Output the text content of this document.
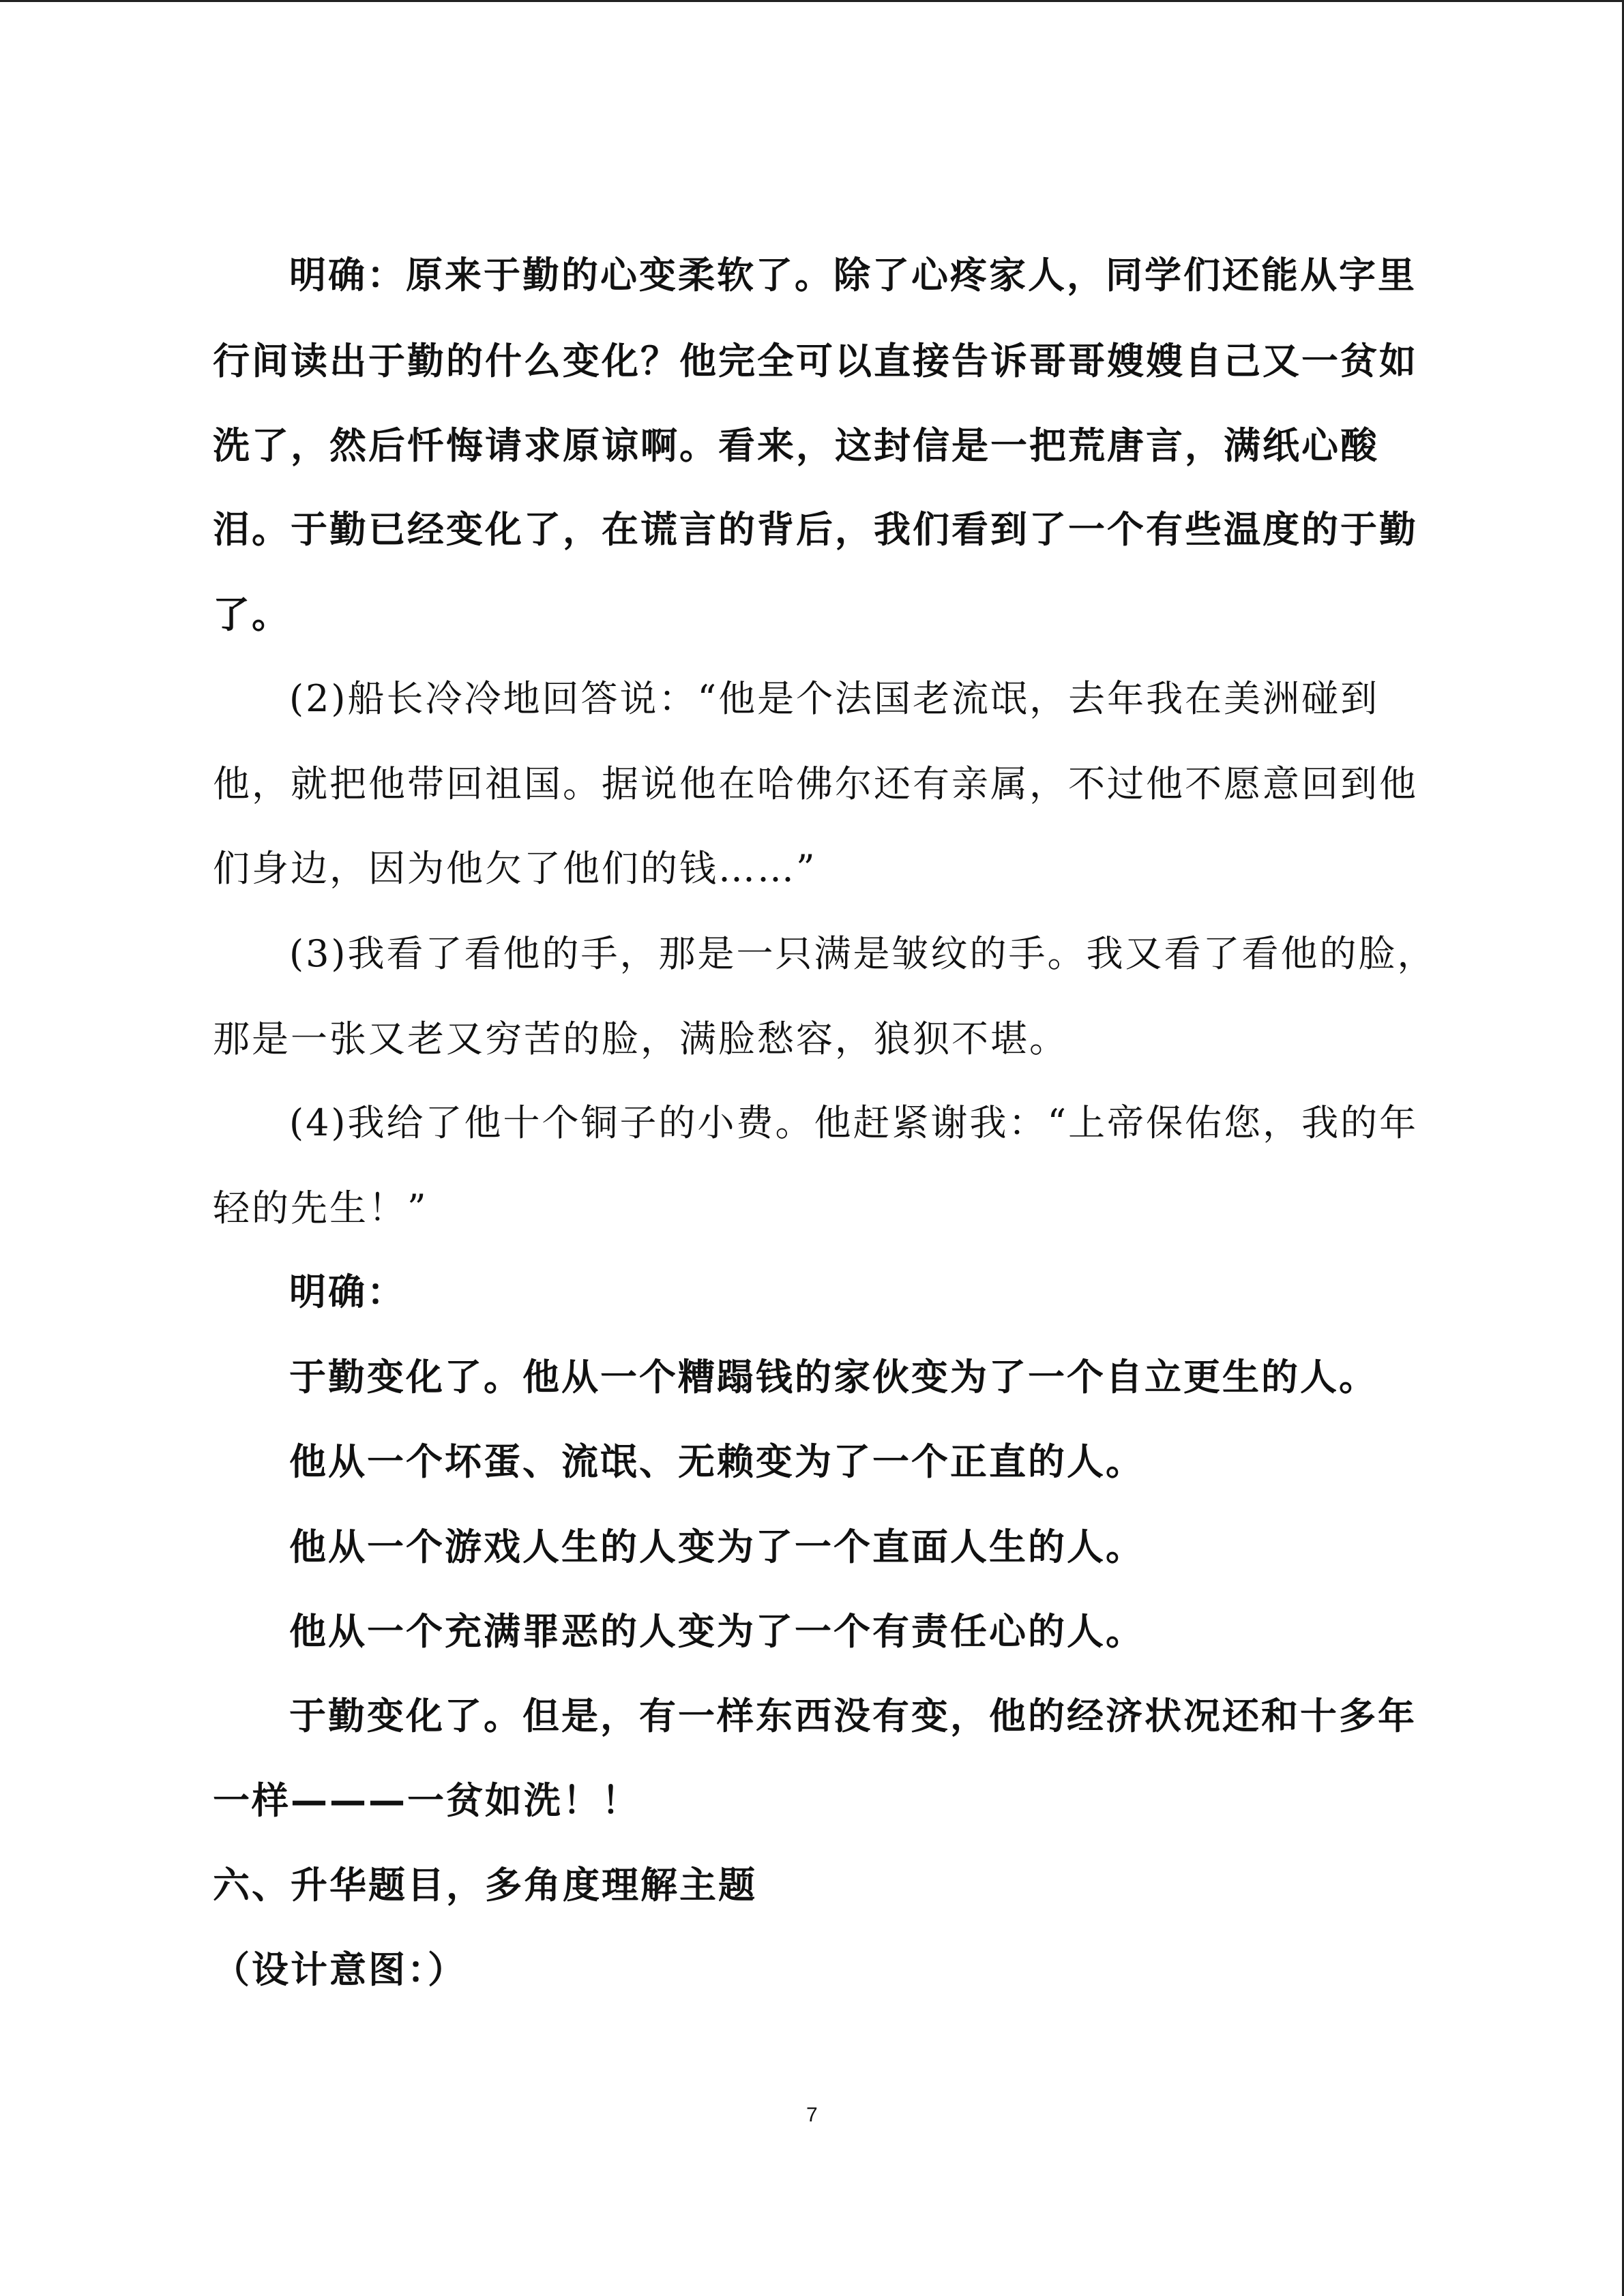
明确：原来于勤的心变柔软了。除了心疼家人，同学们还能从字里
行间读出于勤的什么变化？他完全可以直接告诉哥哥嫂嫂自己又一贫如
洗了，然后忏悔请求原谅啊。看来，这封信是一把荒唐言，满纸心酸
泪。于勤已经变化了，在谎言的背后，我们看到了一个有些温度的于勤
了。
(2)船长冷冷地回答说：“他是个法国老流氓，去年我在美洲碰到
他，就把他带回祖国。据说他在哈佛尔还有亲属，不过他不愿意回到他
们身边，因为他欠了他们的钱……”
(3)我看了看他的手，那是一只满是皱纹的手。我又看了看他的脸，
那是一张又老又穷苦的脸，满脸愁容，狼狈不堪。
(4)我给了他十个铜子的小费。他赶紧谢我：“上帝保佑您，我的年
轻的先生！”
明确：
于勤变化了。他从一个糟蹋钱的家伙变为了一个自立更生的人。
他从一个坏蛋、流氓、无赖变为了一个正直的人。
他从一个游戏人生的人变为了一个直面人生的人。
他从一个充满罪恶的人变为了一个有责任心的人。
于勤变化了。但是，有一样东西没有变，他的经济状况还和十多年
一样———一贫如洗！！
六、升华题目，多角度理解主题
（设计意图：）
7
